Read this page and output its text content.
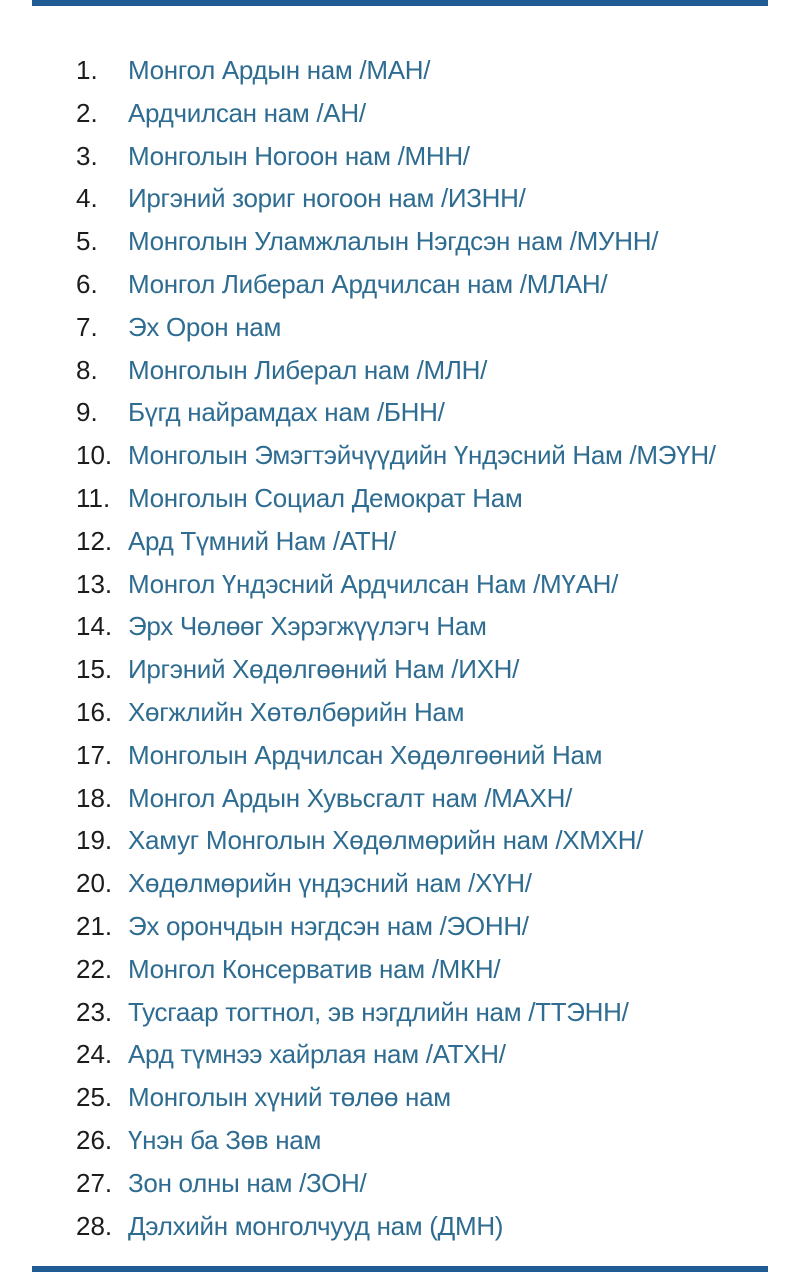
1. Монгол Ардын нам /МАН/
2. Ардчилсан нам /АН/
3. Монголын Ногоон нам /МНН/
4. Иргэний зориг ногоон нам /ИЗНН/
5. Монголын Уламжлалын Нэгдсэн нам /МУНН/
6. Монгол Либерал Ардчилсан нам /МЛАН/
7. Эх Орон нам
8. Монголын Либерал нам /МЛН/
9. Бүгд найрамдах нам /БНН/
10. Монголын Эмэгтэйчүүдийн Үндэсний Нам /МЭҮН/
11. Монголын Социал Демократ Нам
12. Ард Түмний Нам /АТН/
13. Монгол Үндэсний Ардчилсан Нам /МҮАН/
14. Эрх Чөлөөг Хэрэгжүүлэгч Нам
15. Иргэний Хөдөлгөөний Нам /ИХН/
16. Хөгжлийн Хөтөлбөрийн Нам
17. Монголын Ардчилсан Хөдөлгөөний Нам
18. Монгол Ардын Хувьсгалт нам /МАХН/
19. Хамуг Монголын Хөдөлмөрийн нам /ХМХН/
20. Хөдөлмөрийн үндэсний нам /ХҮН/
21. Эх орончдын нэгдсэн нам /ЭОНН/
22. Монгол Консерватив нам /МКН/
23. Тусгаар тогтнол, эв нэгдлийн нам /ТТЭНН/
24. Ард түмнээ хайрлая нам /АТХН/
25. Монголын хүний төлөө нам
26. Үнэн ба Зөв нам
27. Зон олны нам /ЗОН/
28. Дэлхийн монголчууд нам (ДМН)
